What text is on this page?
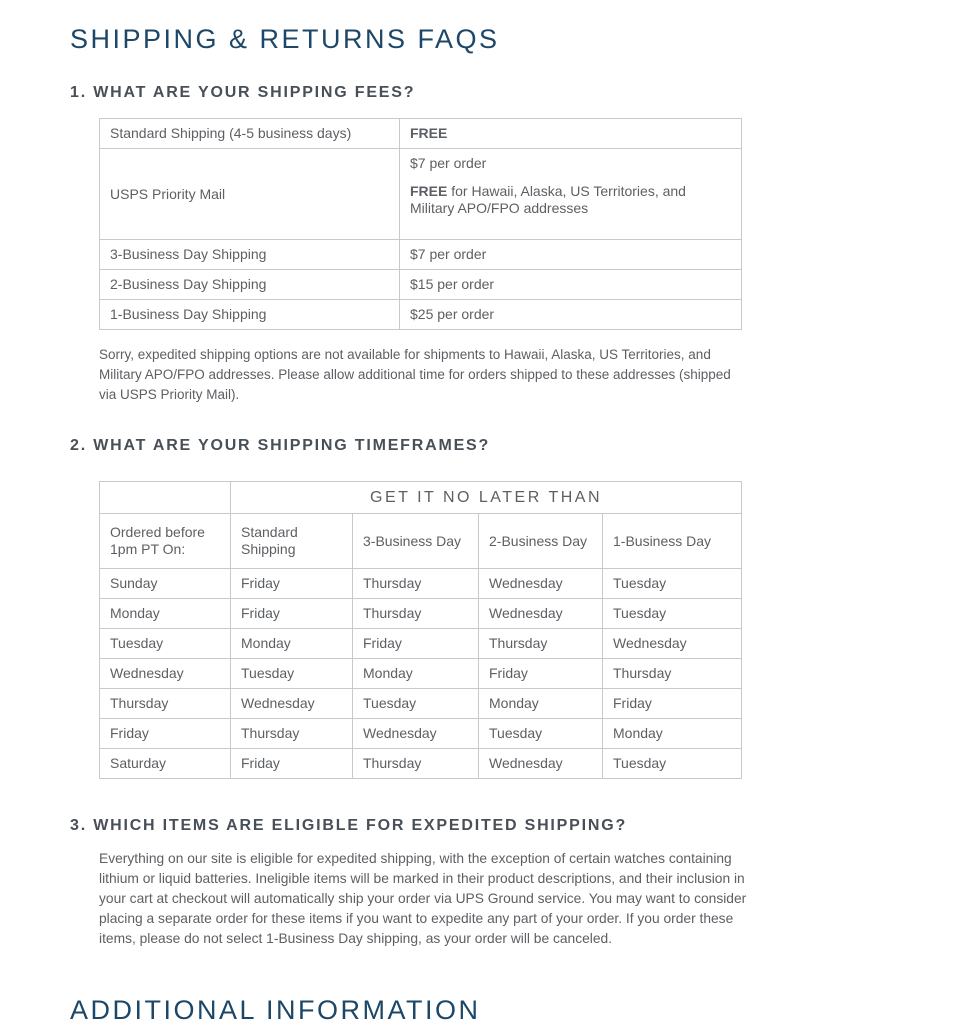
SHIPPING & RETURNS FAQS
1. WHAT ARE YOUR SHIPPING FEES?
Standard Shipping (4-5 business days)	FREE
USPS Priority Mail	$7 per order

FREE for Hawaii, Alaska, US Territories, and Military APO/FPO addresses

3-Business Day Shipping	$7 per order
2-Business Day Shipping	$15 per order
1-Business Day Shipping	$25 per order

Sorry, expedited shipping options are not available for shipments to Hawaii, Alaska, US Territories, and Military APO/FPO addresses. Please allow additional time for orders shipped to these addresses (shipped via USPS Priority Mail).

2. WHAT ARE YOUR SHIPPING TIMEFRAMES?
	GET IT NO LATER THAN			
Ordered before 1pm PT On:	Standard Shipping	3-Business Day	2-Business Day	1-Business Day
Sunday	Friday	Thursday	Wednesday	Tuesday
Monday	Friday	Thursday	Wednesday	Tuesday
Tuesday	Monday	Friday	Thursday	Wednesday
Wednesday	Tuesday	Monday	Friday	Thursday
Thursday	Wednesday	Tuesday	Monday	Friday
Friday	Thursday	Wednesday	Tuesday	Monday
Saturday	Friday	Thursday	Wednesday	Tuesday
3. WHICH ITEMS ARE ELIGIBLE FOR EXPEDITED SHIPPING?

Everything on our site is eligible for expedited shipping, with the exception of certain watches containing lithium or liquid batteries. Ineligible items will be marked in their product descriptions, and their inclusion in your cart at checkout will automatically ship your order via UPS Ground service. You may want to consider placing a separate order for these items if you want to expedite any part of your order. If you order these items, please do not select 1-Business Day shipping, as your order will be canceled.

ADDITIONAL INFORMATION
